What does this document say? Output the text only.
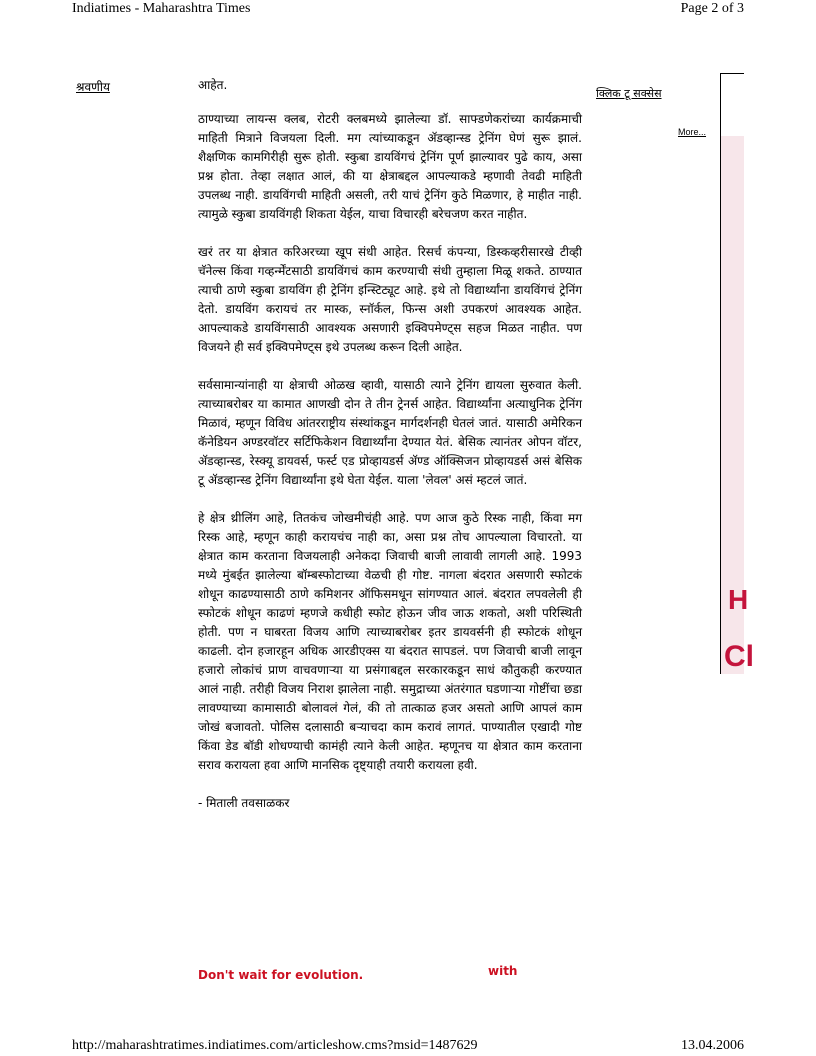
Indiatimes - Maharashtra Times	Page 2 of 3
श्रवणीय	आहेत.

ठाण्याच्या लायन्स क्लब, रोटरी क्लबमध्ये झालेल्या डॉ. साफ्डणेकरांच्या कार्यक्रमाची माहिती मित्राने विजयला दिली. मग त्यांच्याकडून ॲडव्हान्स्ड ट्रेनिंग घेणं सुरू झालं. शैक्षणिक कामगिरीही सुरू होती. स्कुबा डायविंगचं ट्रेनिंग पूर्ण झाल्यावर पुढे काय, असा प्रश्न होता. तेव्हा लक्षात आलं, की या क्षेत्राबद्दल आपल्याकडे म्हणावी तेवढी माहिती उपलब्ध नाही. डायविंगची माहिती असली, तरी याचं ट्रेनिंग कुठे मिळणार, हे माहीत नाही. त्यामुळे स्कुबा डायविंगही शिकता येईल, याचा विचारही बरेचजण करत नाहीत.

खरं तर या क्षेत्रात करिअरच्या खूप संधी आहेत. रिसर्च कंपन्या, डिस्कव्हरीसारखे टीव्ही चॅनेल्स किंवा गव्हर्न्मेंटसाठी डायविंगचं काम करण्याची संधी तुम्हाला मिळू शकते. ठाण्यात त्याची ठाणे स्कुबा डायविंग ही ट्रेनिंग इन्स्टिट्यूट आहे. इथे तो विद्यार्थ्यांना डायविंगचं ट्रेनिंग देतो. डायविंग करायचं तर मास्क, स्नॉर्कल, फिन्स अशी उपकरणं आवश्यक आहेत. आपल्याकडे डायविंगसाठी आवश्यक असणारी इक्विपमेण्ट्स सहज मिळत नाहीत. पण विजयने ही सर्व इक्विपमेण्ट्स इथे उपलब्ध करून दिली आहेत.

सर्वसामान्यांनाही या क्षेत्राची ओळख व्हावी, यासाठी त्याने ट्रेनिंग द्यायला सुरुवात केली. त्याच्याबरोबर या कामात आणखी दोन ते तीन ट्रेनर्स आहेत. विद्यार्थ्यांना अत्याधुनिक ट्रेनिंग मिळावं, म्हणून विविध आंतरराष्ट्रीय संस्थांकडून मार्गदर्शनही घेतलं जातं. यासाठी अमेरिकन कॅनेडियन अण्डरवॉटर सर्टिफिकेशन विद्यार्थ्यांना देण्यात येतं. बेसिक त्यानंतर ओपन वॉटर, ॲडव्हान्स्ड, रेस्क्यू डायवर्स, फर्स्ट एड प्रोव्हायडर्स ॲण्ड ऑक्सिजन प्रोव्हायडर्स असं बेसिक टू ॲडव्हान्स्ड ट्रेनिंग विद्यार्थ्यांना इथे घेता येईल. याला 'लेवल' असं म्हटलं जातं.

हे क्षेत्र थ्रीलिंग आहे, तितकंच जोखमीचंही आहे. पण आज कुठे रिस्क नाही, किंवा मग रिस्क आहे, म्हणून काही करायचंच नाही का, असा प्रश्न तोच आपल्याला विचारतो. या क्षेत्रात काम करताना विजयलाही अनेकदा जिवाची बाजी लावावी लागली आहे. 1993 मध्ये मुंबईत झालेल्या बॉम्बस्फोटाच्या वेळची ही गोष्ट. नागला बंदरात असणारी स्फोटकं शोधून काढण्यासाठी ठाणे कमिशनर ऑफिसमधून सांगण्यात आलं. बंदरात लपवलेली ही स्फोटकं शोधून काढणं म्हणजे कधीही स्फोट होऊन जीव जाऊ शकतो, अशी परिस्थिती होती. पण न घाबरता विजय आणि त्याच्याबरोबर इतर डायवर्सनी ही स्फोटकं शोधून काढली. दोन हजारहून अधिक आरडीएक्स या बंदरात सापडलं. पण जिवाची बाजी लावून हजारो लोकांचं प्राण वाचवणाऱ्या या प्रसंगाबद्दल सरकारकडून साधं कौतुकही करण्यात आलं नाही. तरीही विजय निराश झालेला नाही. समुद्राच्या अंतरंगात घडणाऱ्या गोष्टींचा छडा लावण्याच्या कामासाठी बोलावलं गेलं, की तो तात्काळ हजर असतो आणि आपलं काम जोखं बजावतो. पोलिस दलासाठी बऱ्याचदा काम करावं लागतं. पाण्यातील एखादी गोष्ट किंवा डेड बॉडी शोधण्याची कामंही त्याने केली आहेत. म्हणूनच या क्षेत्रात काम करताना सराव करायला हवा आणि मानसिक दृष्ट्याही तयारी करायला हवी.

- मिताली तवसाळकर

क्लिक टू सक्सेस
More...
H
Cl
Don't wait for evolution.	with
http://maharashtratimes.indiatimes.com/articleshow.cms?msid=1487629	13.04.2006
